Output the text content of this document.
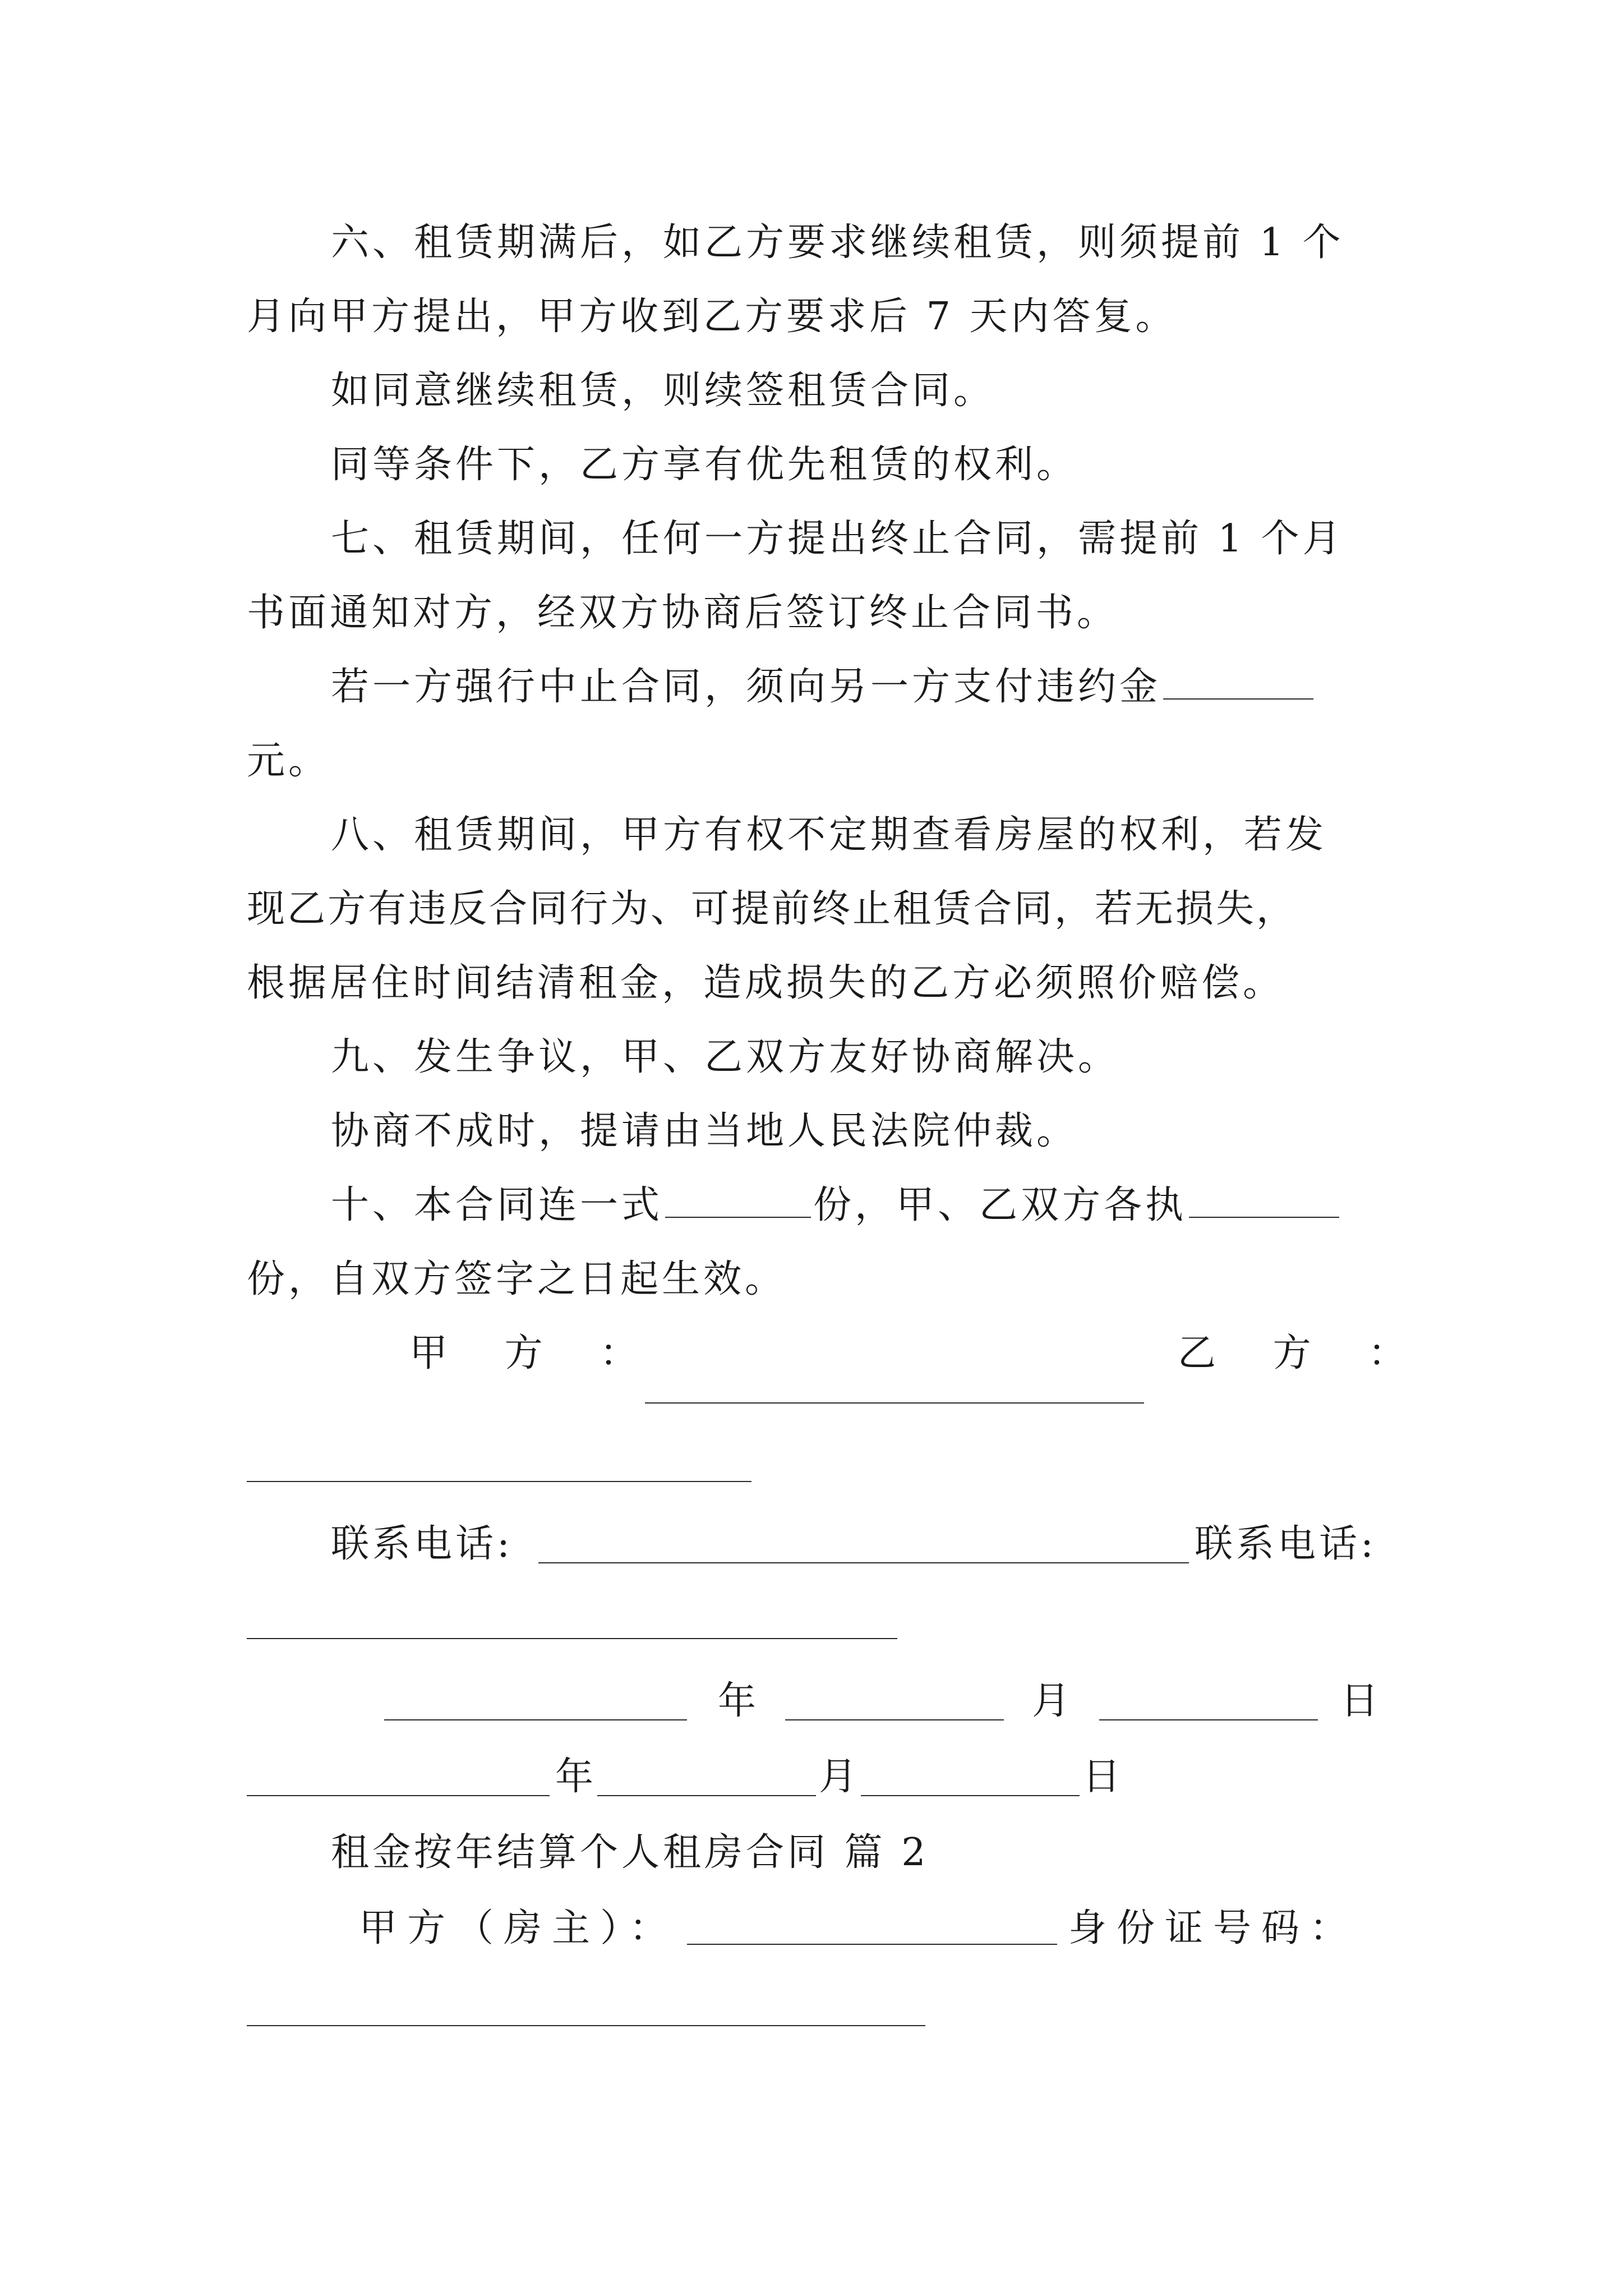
六、租赁期满后，如乙方要求继续租赁，则须提前 1 个
月向甲方提出，甲方收到乙方要求后 7 天内答复。
如同意继续租赁，则续签租赁合同。
同等条件下，乙方享有优先租赁的权利。
七、租赁期间，任何一方提出终止合同，需提前 1 个月
书面通知对方，经双方协商后签订终止合同书。
若一方强行中止合同，须向另一方支付违约金
元。
八、租赁期间，甲方有权不定期查看房屋的权利，若发
现乙方有违反合同行为、可提前终止租赁合同，若无损失，
根据居住时间结清租金，造成损失的乙方必须照价赔偿。
九、发生争议，甲、乙双方友好协商解决。
协商不成时，提请由当地人民法院仲裁。
十、本合同连一式	份，甲、乙双方各执
份，自双方签字之日起生效。
甲 方 ：	乙 方 ：
联系电话:	联系电话:
年	月	日
年	月	日
租金按年结算个人租房合同 篇 2
甲方（房主）：	身份证号码：
